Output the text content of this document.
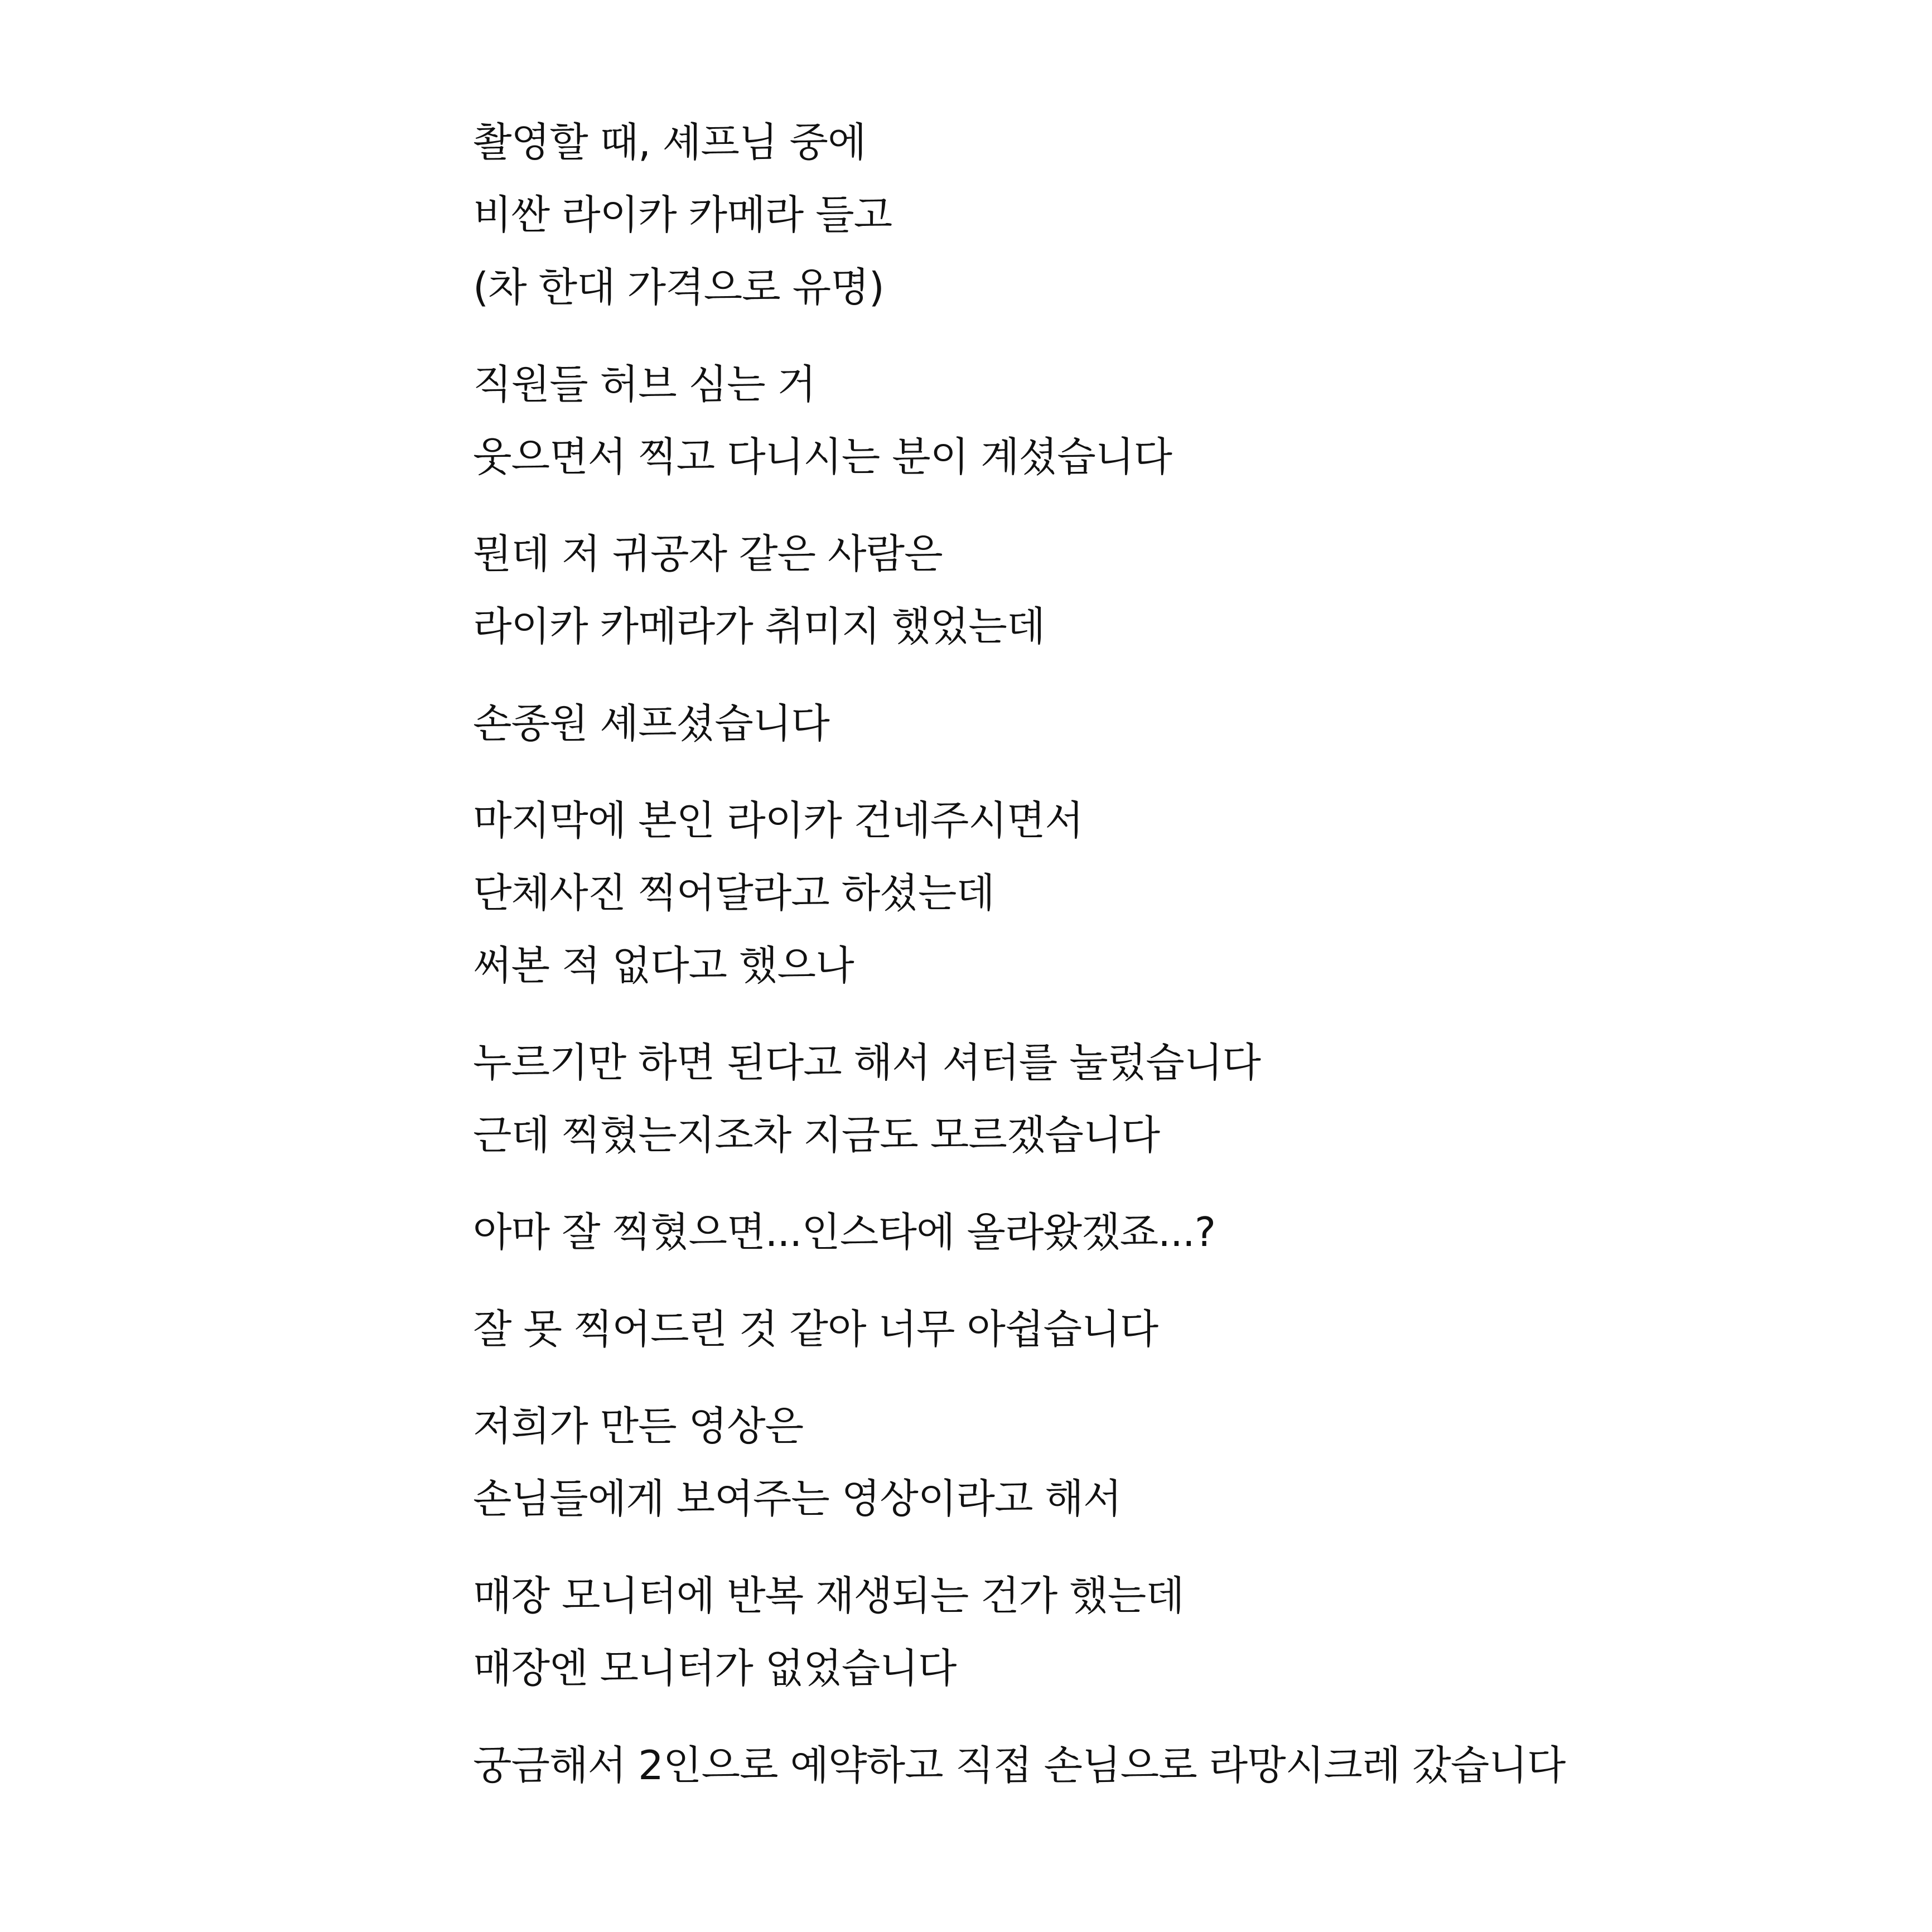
촬영할 때, 셰프님 중에
비싼 라이카 카메라 들고
(차 한대 가격으로 유명)
직원들 허브 심는 거
웃으면서 찍고 다니시는 분이 계셨습니다
뭔데 저 귀공자 같은 사람은
라이카 카메라가 취미지 했었는데
손종원 셰프셨습니다
마지막에 본인 라이카 건네주시면서
단체사진 찍어달라고 하셨는데
써본 적 없다고 했으나
누르기만 하면 된다고 해서 셔터를 눌렀습니다
근데 찍혔는지조차 지금도 모르겠습니다
아마 잘 찍혔으면...인스타에 올라왔겠죠...?
잘 못 찍어드린 것 같아 너무 아쉽습니다
저희가 만든 영상은
손님들에게 보여주는 영상이라고 해서
매장 모니터에 반복 재생되는 건가 했는데
매장엔 모니터가 없었습니다
궁금해서 2인으로 예약하고 직접 손님으로 라망시크레 갔습니다
